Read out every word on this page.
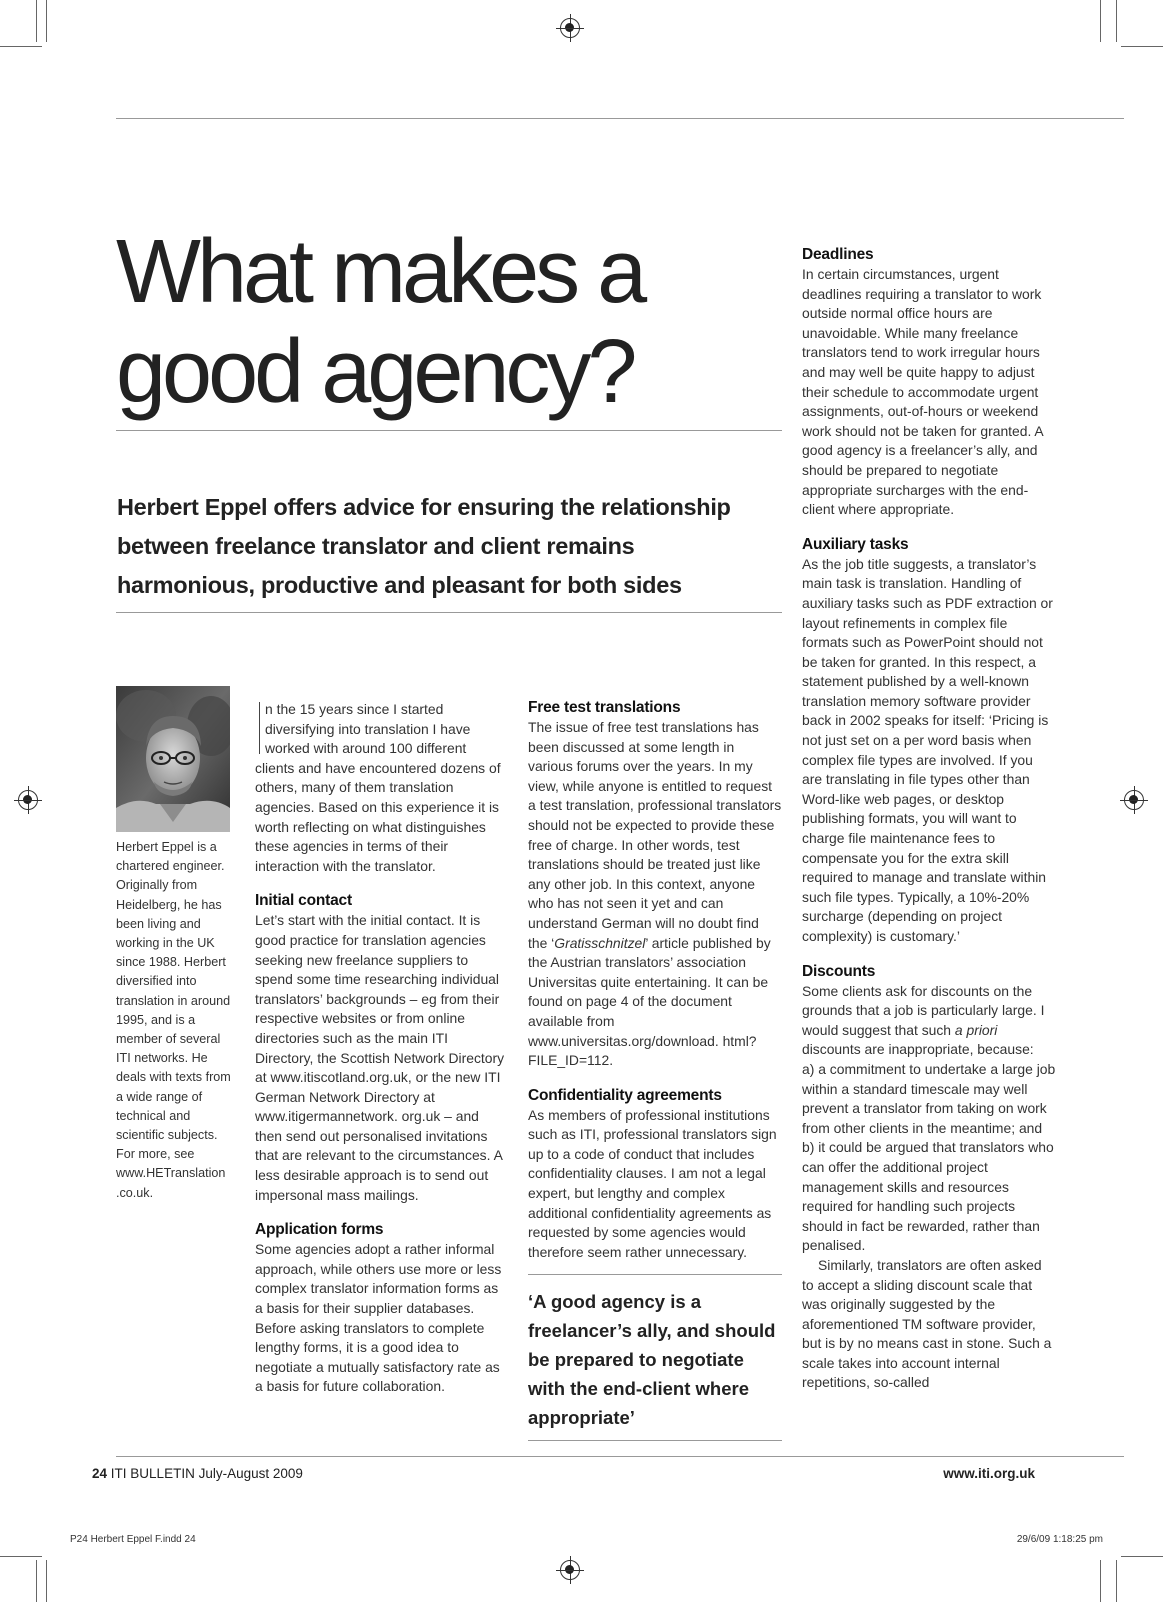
What makes a
good agency?
Herbert Eppel offers advice for ensuring the relationship between freelance translator and client remains harmonious, productive and pleasant for both sides
Herbert Eppel is a chartered engineer. Originally from Heidelberg, he has been living and working in the UK since 1988. Herbert diversified into translation in around 1995, and is a member of several ITI networks. He deals with texts from a wide range of technical and scientific subjects. For more, see www.HETranslation .co.uk.

n the 15 years since I started diversifying into translation I have worked with around 100 different clients and have encountered dozens of others, many of them translation agencies. Based on this experience it is worth reflecting on what distinguishes these agencies in terms of their interaction with the translator.

Initial contact

Let’s start with the initial contact. It is good practice for translation agencies seeking new freelance suppliers to spend some time researching individual translators’ backgrounds – eg from their respective websites or from online directories such as the main ITI Directory, the Scottish Network Directory at www.itiscotland.org.uk, or the new ITI German Network Directory at www.itigermannetwork. org.uk – and then send out personalised invitations that are relevant to the circumstances. A less desirable approach is to send out impersonal mass mailings.

Application forms

Some agencies adopt a rather informal approach, while others use more or less complex translator information forms as a basis for their supplier databases. Before asking translators to complete lengthy forms, it is a good idea to negotiate a mutually satisfactory rate as a basis for future collaboration.

Free test translations

The issue of free test translations has been discussed at some length in various forums over the years. In my view, while anyone is entitled to request a test translation, professional translators should not be expected to provide these free of charge. In other words, test translations should be treated just like any other job. In this context, anyone who has not seen it yet and can understand German will no doubt find the ‘Gratisschnitzel’ article published by the Austrian translators’ association Universitas quite entertaining. It can be found on page 4 of the document available from www.universitas.org/download. html?FILE_ID=112.

Confidentiality agreements

As members of professional institutions such as ITI, professional translators sign up to a code of conduct that includes confidentiality clauses. I am not a legal expert, but lengthy and complex additional confidentiality agreements as requested by some agencies would therefore seem rather unnecessary.

‘A good agency is a freelancer’s ally, and should be prepared to negotiate with the end-client where appropriate’

Deadlines

In certain circumstances, urgent deadlines requiring a translator to work outside normal office hours are unavoidable. While many freelance translators tend to work irregular hours and may well be quite happy to adjust their schedule to accommodate urgent assignments, out-of-hours or weekend work should not be taken for granted. A good agency is a freelancer’s ally, and should be prepared to negotiate appropriate surcharges with the end-client where appropriate.

Auxiliary tasks

As the job title suggests, a translator’s main task is translation. Handling of auxiliary tasks such as PDF extraction or layout refinements in complex file formats such as PowerPoint should not be taken for granted. In this respect, a statement published by a well-known translation memory software provider back in 2002 speaks for itself: ‘Pricing is not just set on a per word basis when complex file types are involved. If you are translating in file types other than Word-like web pages, or desktop publishing formats, you will want to charge file maintenance fees to compensate you for the extra skill required to manage and translate within such file types. Typically, a 10%-20% surcharge (depending on project complexity) is customary.’

Discounts

Some clients ask for discounts on the grounds that a job is particularly large. I would suggest that such a priori discounts are inappropriate, because:

a) a commitment to undertake a large job within a standard timescale may well prevent a translator from taking on work from other clients in the meantime; and

b) it could be argued that translators who can offer the additional project management skills and resources required for handling such projects should in fact be rewarded, rather than penalised.

Similarly, translators are often asked to accept a sliding discount scale that was originally suggested by the aforementioned TM software provider, but is by no means cast in stone. Such a scale takes into account internal repetitions, so-called

24 ITI BULLETIN July-August 2009	www.iti.org.uk
P24 Herbert Eppel F.indd 24	29/6/09 1:18:25 pm
